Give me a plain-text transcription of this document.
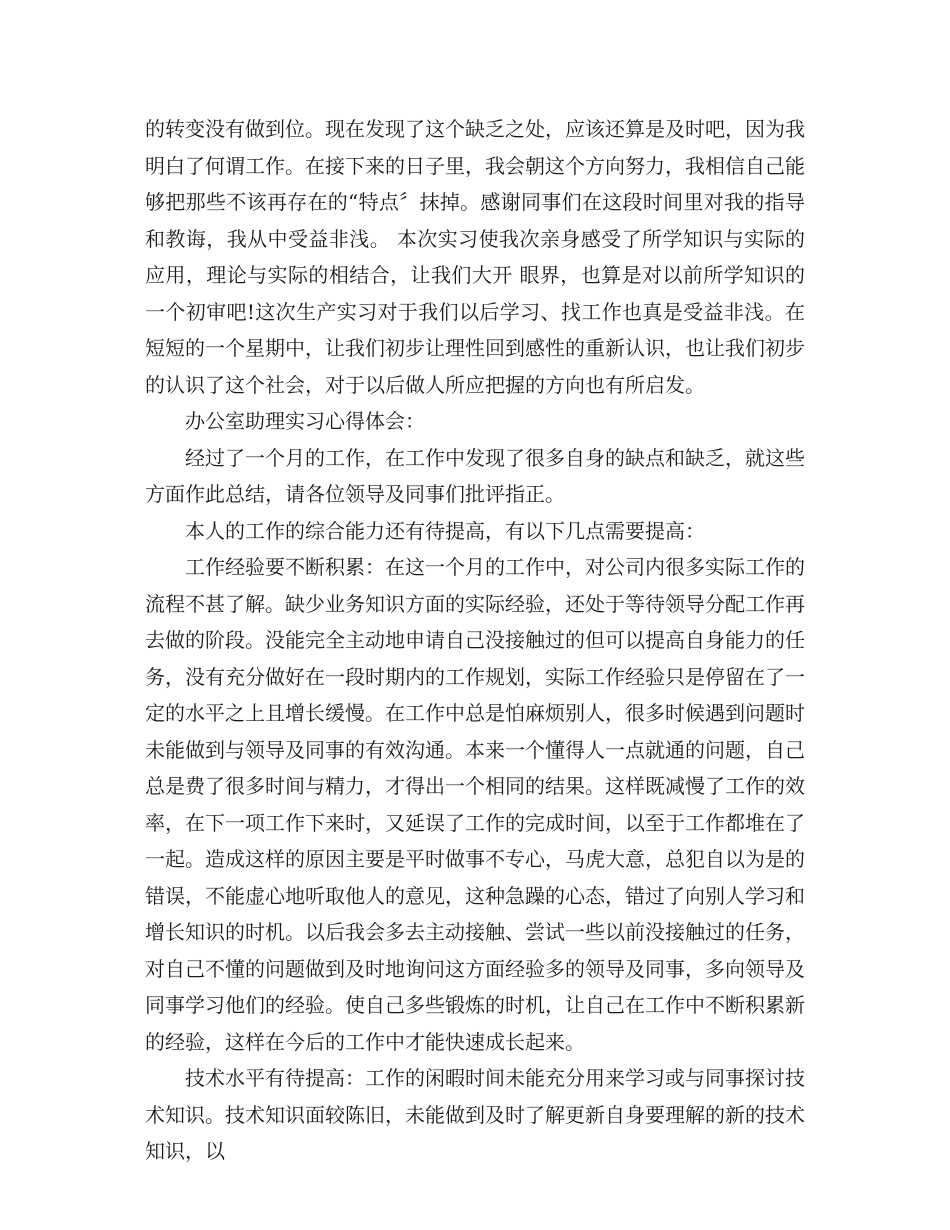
的转变没有做到位。现在发现了这个缺乏之处，应该还算是及时吧，因为我明白了何谓工作。在接下来的日子里，我会朝这个方向努力，我相信自己能够把那些不该再存在的“特点〞抹掉。感谢同事们在这段时间里对我的指导和教诲，我从中受益非浅。 本次实习使我次亲身感受了所学知识与实际的应用，理论与实际的相结合，让我们大开 眼界，也算是对以前所学知识的一个初审吧!这次生产实习对于我们以后学习、找工作也真是受益非浅。在短短的一个星期中，让我们初步让理性回到感性的重新认识，也让我们初步的认识了这个社会，对于以后做人所应把握的方向也有所启发。

办公室助理实习心得体会：

经过了一个月的工作，在工作中发现了很多自身的缺点和缺乏，就这些方面作此总结，请各位领导及同事们批评指正。

本人的工作的综合能力还有待提高，有以下几点需要提高：

工作经验要不断积累：在这一个月的工作中，对公司内很多实际工作的流程不甚了解。缺少业务知识方面的实际经验，还处于等待领导分配工作再去做的阶段。没能完全主动地申请自己没接触过的但可以提高自身能力的任务，没有充分做好在一段时期内的工作规划，实际工作经验只是停留在了一定的水平之上且增长缓慢。在工作中总是怕麻烦别人，很多时候遇到问题时未能做到与领导及同事的有效沟通。本来一个懂得人一点就通的问题，自己总是费了很多时间与精力，才得出一个相同的结果。这样既减慢了工作的效率，在下一项工作下来时，又延误了工作的完成时间，以至于工作都堆在了一起。造成这样的原因主要是平时做事不专心，马虎大意，总犯自以为是的错误，不能虚心地听取他人的意见，这种急躁的心态，错过了向别人学习和增长知识的时机。以后我会多去主动接触、尝试一些以前没接触过的任务，对自己不懂的问题做到及时地询问这方面经验多的领导及同事，多向领导及同事学习他们的经验。使自己多些锻炼的时机，让自己在工作中不断积累新的经验，这样在今后的工作中才能快速成长起来。

技术水平有待提高：工作的闲暇时间未能充分用来学习或与同事探讨技术知识。技术知识面较陈旧，未能做到及时了解更新自身要理解的新的技术知识，以
